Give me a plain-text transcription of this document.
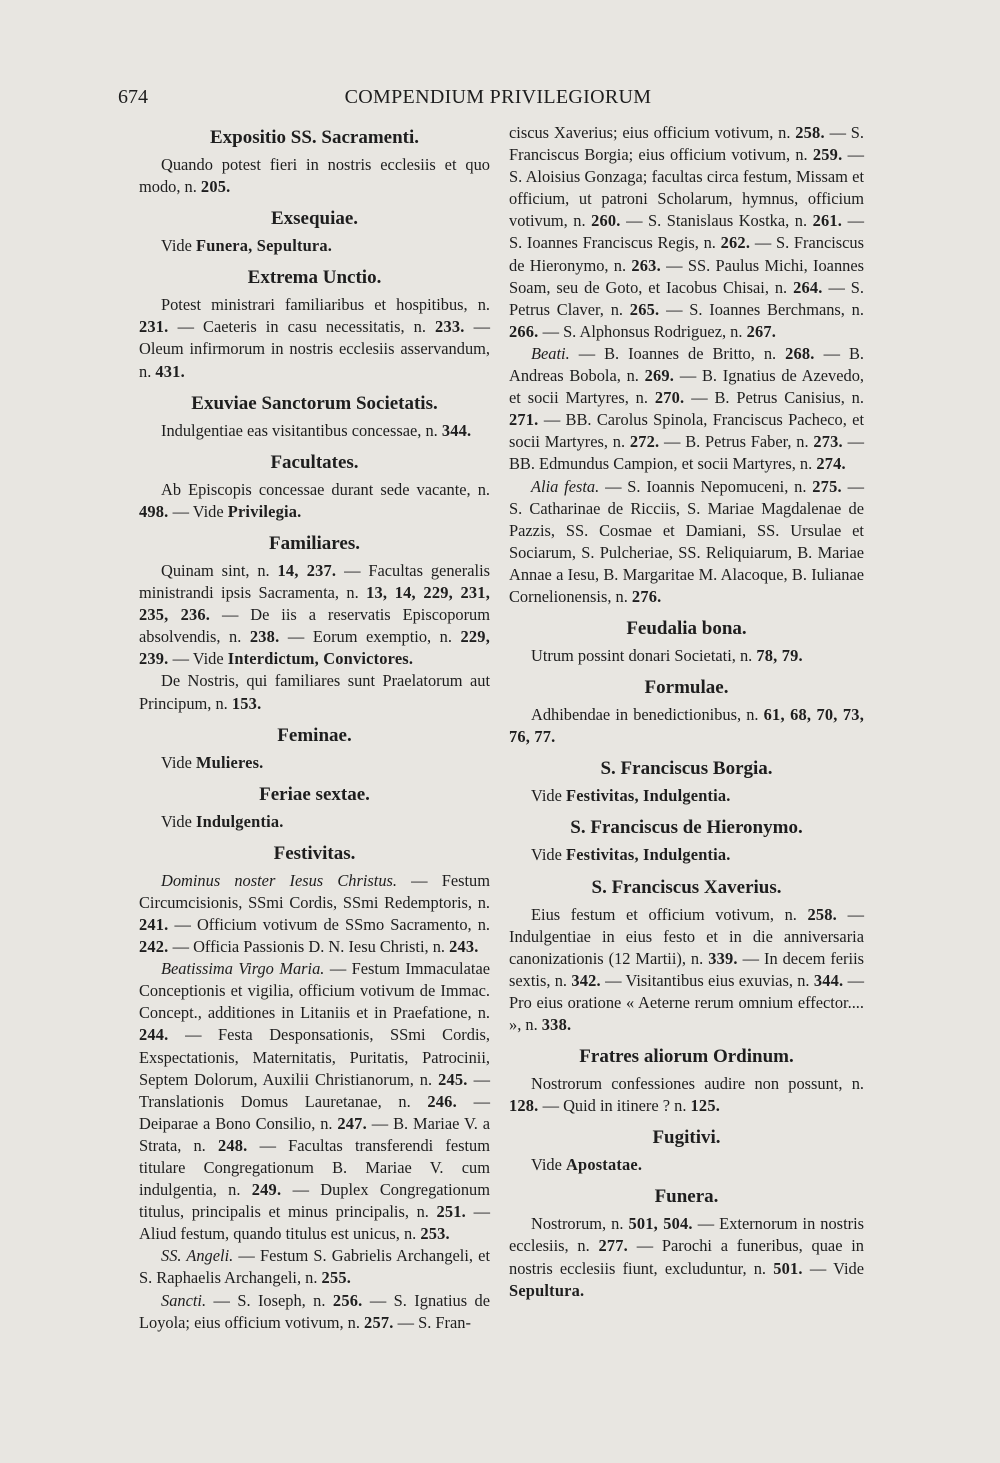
674	COMPENDIUM PRIVILEGIORUM
Expositio SS. Sacramenti.

Quando potest fieri in nostris ecclesiis et quo modo, n. 205.

Exsequiae.

Vide Funera, Sepultura.

Extrema Unctio.

Potest ministrari familiaribus et hospitibus, n. 231. — Caeteris in casu necessitatis, n. 233. — Oleum infirmorum in nostris ecclesiis asservandum, n. 431.

Exuviae Sanctorum Societatis.

Indulgentiae eas visitantibus concessae, n. 344.

Facultates.

Ab Episcopis concessae durant sede vacante, n. 498. — Vide Privilegia.

Familiares.

Quinam sint, n. 14, 237. — Facultas generalis ministrandi ipsis Sacramenta, n. 13, 14, 229, 231, 235, 236. — De iis a reservatis Episcoporum absolvendis, n. 238. — Eorum exemptio, n. 229, 239. — Vide Interdictum, Convictores.

De Nostris, qui familiares sunt Praelatorum aut Principum, n. 153.

Feminae.

Vide Mulieres.

Feriae sextae.

Vide Indulgentia.

Festivitas.

Dominus noster Iesus Christus. — Festum Circumcisionis, SSmi Cordis, SSmi Redemptoris, n. 241. — Officium votivum de SSmo Sacramento, n. 242. — Officia Passionis D. N. Iesu Christi, n. 243.

Beatissima Virgo Maria. — Festum Immaculatae Conceptionis et vigilia, officium votivum de Immac. Concept., additiones in Litaniis et in Praefatione, n. 244. — Festa Desponsationis, SSmi Cordis, Exspectationis, Maternitatis, Puritatis, Patrocinii, Septem Dolorum, Auxilii Christianorum, n. 245. — Translationis Domus Lauretanae, n. 246. — Deiparae a Bono Consilio, n. 247. — B. Mariae V. a Strata, n. 248. — Facultas transferendi festum titulare Congregationum B. Mariae V. cum indulgentia, n. 249. — Duplex Congregationum titulus, principalis et minus principalis, n. 251. — Aliud festum, quando titulus est unicus, n. 253.

SS. Angeli. — Festum S. Gabrielis Archangeli, et S. Raphaelis Archangeli, n. 255.

Sancti. — S. Ioseph, n. 256. — S. Ignatius de Loyola; eius officium votivum, n. 257. — S. Fran-

ciscus Xaverius; eius officium votivum, n. 258. — S. Franciscus Borgia; eius officium votivum, n. 259. — S. Aloisius Gonzaga; facultas circa festum, Missam et officium, ut patroni Scholarum, hymnus, officium votivum, n. 260. — S. Stanislaus Kostka, n. 261. — S. Ioannes Franciscus Regis, n. 262. — S. Franciscus de Hieronymo, n. 263. — SS. Paulus Michi, Ioannes Soam, seu de Goto, et Iacobus Chisai, n. 264. — S. Petrus Claver, n. 265. — S. Ioannes Berchmans, n. 266. — S. Alphonsus Rodriguez, n. 267.

Beati. — B. Ioannes de Britto, n. 268. — B. Andreas Bobola, n. 269. — B. Ignatius de Azevedo, et socii Martyres, n. 270. — B. Petrus Canisius, n. 271. — BB. Carolus Spinola, Franciscus Pacheco, et socii Martyres, n. 272. — B. Petrus Faber, n. 273. — BB. Edmundus Campion, et socii Martyres, n. 274.

Alia festa. — S. Ioannis Nepomuceni, n. 275. — S. Catharinae de Ricciis, S. Mariae Magdalenae de Pazzis, SS. Cosmae et Damiani, SS. Ursulae et Sociarum, S. Pulcheriae, SS. Reliquiarum, B. Mariae Annae a Iesu, B. Margaritae M. Alacoque, B. Iulianae Cornelionensis, n. 276.

Feudalia bona.

Utrum possint donari Societati, n. 78, 79.

Formulae.

Adhibendae in benedictionibus, n. 61, 68, 70, 73, 76, 77.

S. Franciscus Borgia.

Vide Festivitas, Indulgentia.

S. Franciscus de Hieronymo.

Vide Festivitas, Indulgentia.

S. Franciscus Xaverius.

Eius festum et officium votivum, n. 258. — Indulgentiae in eius festo et in die anniversaria canonizationis (12 Martii), n. 339. — In decem feriis sextis, n. 342. — Visitantibus eius exuvias, n. 344. — Pro eius oratione « Aeterne rerum omnium effector.... », n. 338.

Fratres aliorum Ordinum.

Nostrorum confessiones audire non possunt, n. 128. — Quid in itinere ? n. 125.

Fugitivi.

Vide Apostatae.

Funera.

Nostrorum, n. 501, 504. — Externorum in nostris ecclesiis, n. 277. — Parochi a funeribus, quae in nostris ecclesiis fiunt, excluduntur, n. 501. — Vide Sepultura.
